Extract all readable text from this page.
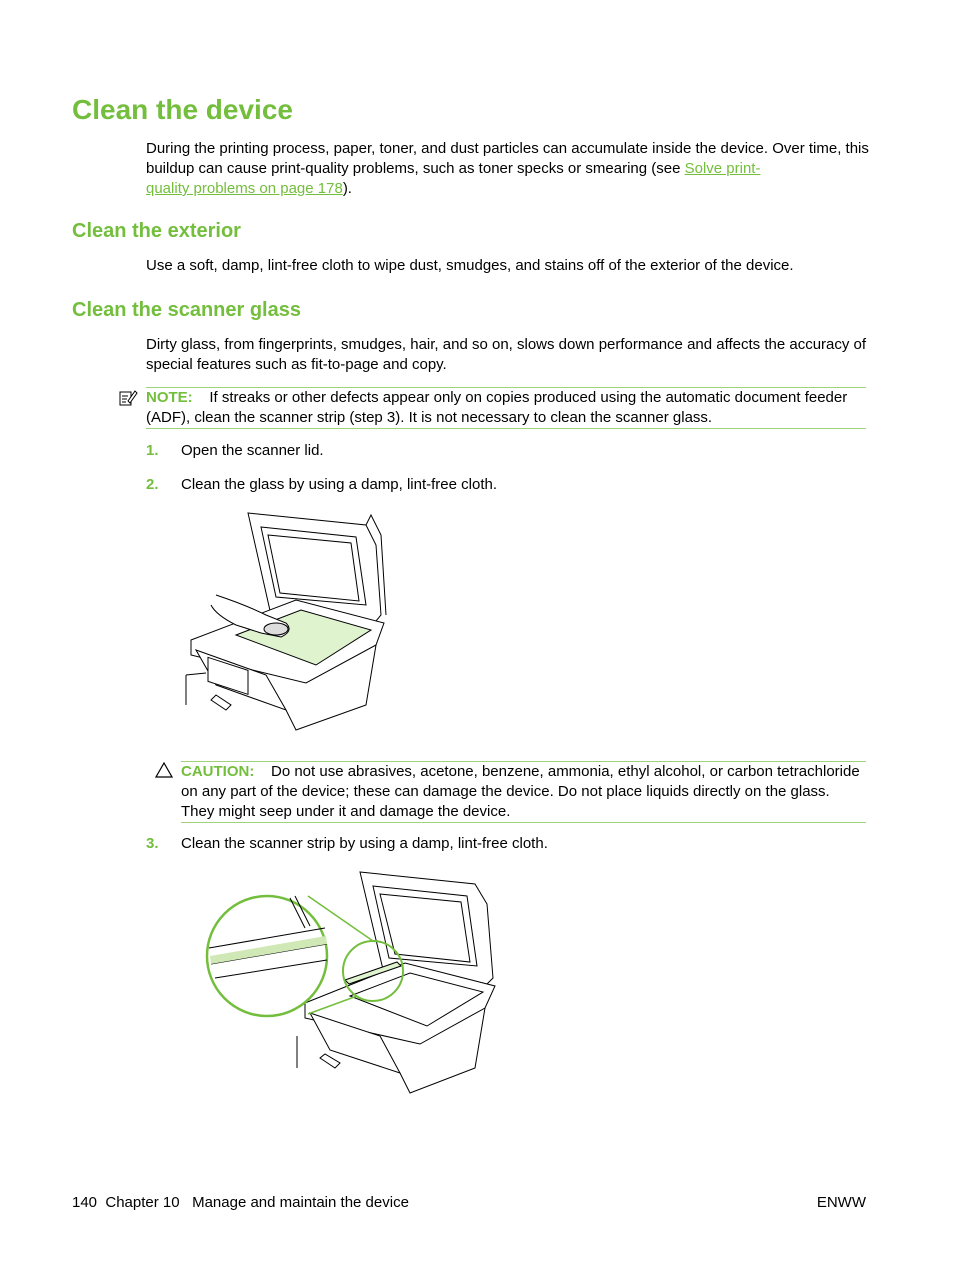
Clean the device

During the printing process, paper, toner, and dust particles can accumulate inside the device. Over time, this buildup can cause print-quality problems, such as toner specks or smearing (see Solve print-
quality problems on page 178).

Clean the exterior

Use a soft, damp, lint-free cloth to wipe dust, smudges, and stains off of the exterior of the device.

Clean the scanner glass

Dirty glass, from fingerprints, smudges, hair, and so on, slows down performance and affects the accuracy of special features such as fit-to-page and copy.

NOTE: If streaks or other defects appear only on copies produced using the automatic document feeder (ADF), clean the scanner strip (step 3). It is not necessary to clean the scanner glass.
1. Open the scanner lid.
2. Clean the glass by using a damp, lint-free cloth.
CAUTION: Do not use abrasives, acetone, benzene, ammonia, ethyl alcohol, or carbon tetrachloride on any part of the device; these can damage the device. Do not place liquids directly on the glass. They might seep under it and damage the device.
3. Clean the scanner strip by using a damp, lint-free cloth.
140 Chapter 10   Manage and maintain the device	ENWW
